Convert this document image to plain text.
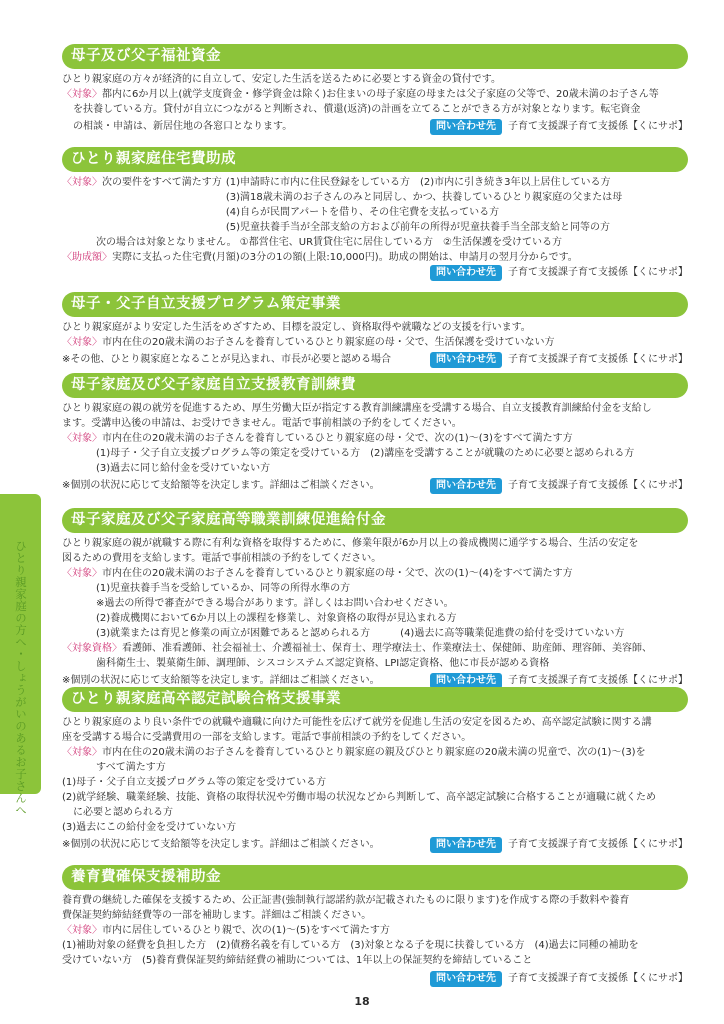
ひとり親家庭の方へ・しょうがいのあるお子さんへ
母子及び父子福祉資金
ひとり親家庭の方々が経済的に自立して、安定した生活を送るために必要とする資金の貸付です。
〈対象〉都内に6か月以上(就学支度資金・修学資金は除く)お住まいの母子家庭の母または父子家庭の父等で、20歳未満のお子さん等
を扶養している方。貸付が自立につながると判断され、償還(返済)の計画を立てることができる方が対象となります。転宅資金
の相談・申請は、新居住地の各窓口となります。	問い合わせ先 子育て支援課子育て支援係【くにサポ】
ひとり親家庭住宅費助成
〈対象〉次の要件をすべて満たす方 (1)申請時に市内に住民登録をしている方　(2)市内に引き続き3年以上居住している方
(3)満18歳未満のお子さんのみと同居し、かつ、扶養しているひとり親家庭の父または母
(4)自らが民間アパートを借り、その住宅費を支払っている方
(5)児童扶養手当が全部支給の方および前年の所得が児童扶養手当全部支給と同等の方
次の場合は対象となりません。 ①都営住宅、UR賃貸住宅に居住している方　②生活保護を受けている方
〈助成額〉実際に支払った住宅費(月額)の3分の1の額(上限:10,000円)。助成の開始は、申請月の翌月分からです。
問い合わせ先 子育て支援課子育て支援係【くにサポ】
母子・父子自立支援プログラム策定事業
ひとり親家庭がより安定した生活をめざすため、目標を設定し、資格取得や就職などの支援を行います。
〈対象〉市内在住の20歳未満のお子さんを養育しているひとり親家庭の母・父で、生活保護を受けていない方
※その他、ひとり親家庭となることが見込まれ、市長が必要と認める場合	問い合わせ先 子育て支援課子育て支援係【くにサポ】
母子家庭及び父子家庭自立支援教育訓練費
ひとり親家庭の親の就労を促進するため、厚生労働大臣が指定する教育訓練講座を受講する場合、自立支援教育訓練給付金を支給し
ます。受講申込後の申請は、お受けできません。電話で事前相談の予約をしてください。
〈対象〉市内在住の20歳未満のお子さんを養育しているひとり親家庭の母・父で、次の(1)～(3)をすべて満たす方
(1)母子・父子自立支援プログラム等の策定を受けている方　(2)講座を受講することが就職のために必要と認められる方
(3)過去に同じ給付金を受けていない方
※個別の状況に応じて支給額等を決定します。詳細はご相談ください。	問い合わせ先 子育て支援課子育て支援係【くにサポ】
母子家庭及び父子家庭高等職業訓練促進給付金
ひとり親家庭の親が就職する際に有利な資格を取得するために、修業年限が6か月以上の養成機関に通学する場合、生活の安定を
図るための費用を支給します。電話で事前相談の予約をしてください。
〈対象〉市内在住の20歳未満のお子さんを養育しているひとり親家庭の母・父で、次の(1)～(4)をすべて満たす方
(1)児童扶養手当を受給しているか、同等の所得水準の方
※過去の所得で審査ができる場合があります。詳しくはお問い合わせください。
(2)養成機関において6か月以上の課程を修業し、対象資格の取得が見込まれる方
(3)就業または育児と修業の両立が困難であると認められる方　　　(4)過去に高等職業促進費の給付を受けていない方
〈対象資格〉看護師、准看護師、社会福祉士、介護福祉士、保育士、理学療法士、作業療法士、保健師、助産師、理容師、美容師、
歯科衛生士、製菓衛生師、調理師、シスコシステムズ認定資格、LPI認定資格、他に市長が認める資格
※個別の状況に応じて支給額等を決定します。詳細はご相談ください。	問い合わせ先 子育て支援課子育て支援係【くにサポ】
ひとり親家庭高卒認定試験合格支援事業
ひとり親家庭のより良い条件での就職や適職に向けた可能性を広げて就労を促進し生活の安定を図るため、高卒認定試験に関する講
座を受講する場合に受講費用の一部を支給します。電話で事前相談の予約をしてください。
〈対象〉市内在住の20歳未満のお子さんを養育しているひとり親家庭の親及びひとり親家庭の20歳未満の児童で、次の(1)～(3)を
すべて満たす方
(1)母子・父子自立支援プログラム等の策定を受けている方
(2)就学経験、職業経験、技能、資格の取得状況や労働市場の状況などから判断して、高卒認定試験に合格することが適職に就くため
に必要と認められる方
(3)過去にこの給付金を受けていない方
※個別の状況に応じて支給額等を決定します。詳細はご相談ください。	問い合わせ先 子育て支援課子育て支援係【くにサポ】
養育費確保支援補助金
養育費の継続した確保を支援するため、公正証書(強制執行認諾約款が記載されたものに限ります)を作成する際の手数料や養育
費保証契約締結経費等の一部を補助します。詳細はご相談ください。
〈対象〉市内に居住しているひとり親で、次の(1)～(5)をすべて満たす方
(1)補助対象の経費を負担した方　(2)債務名義を有している方　(3)対象となる子を現に扶養している方　(4)過去に同種の補助を
受けていない方　(5)養育費保証契約締結経費の補助については、1年以上の保証契約を締結していること
問い合わせ先 子育て支援課子育て支援係【くにサポ】
18
